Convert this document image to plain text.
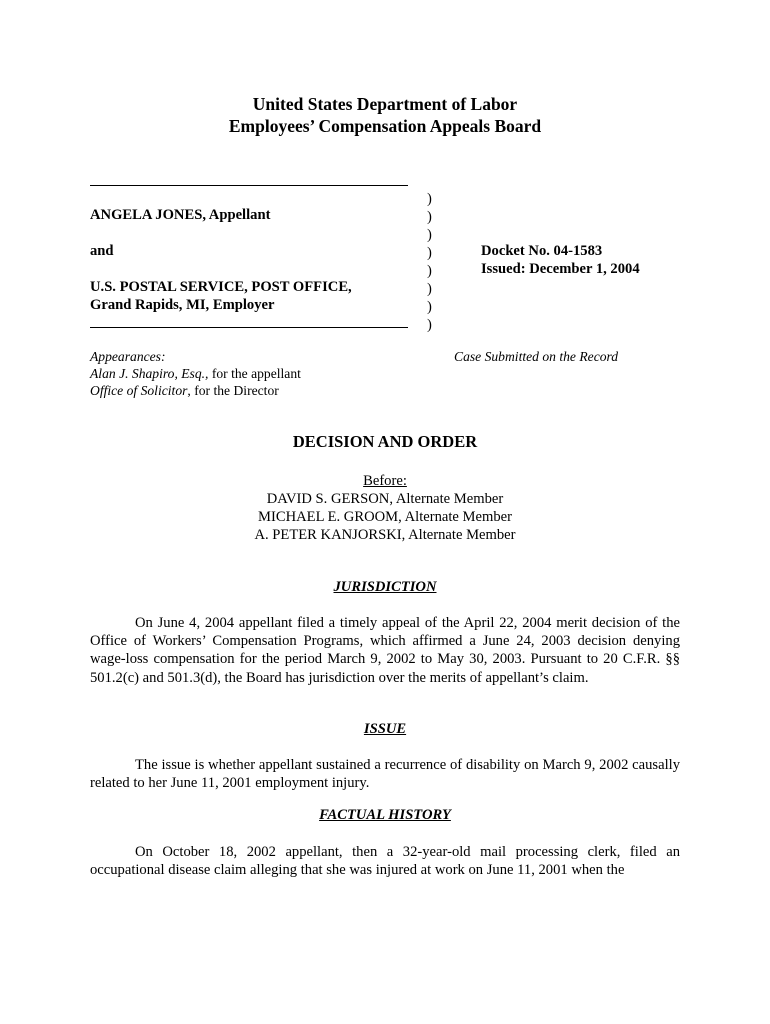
United States Department of Labor
Employees’ Compensation Appeals Board
ANGELA JONES, Appellant
and
U.S. POSTAL SERVICE, POST OFFICE,
Grand Rapids, MI, Employer
)
)
)
)
)
)
)
)
Docket No. 04-1583
Issued: December 1, 2004
Appearances:
Alan J. Shapiro, Esq., for the appellant
Office of Solicitor, for the Director
Case Submitted on the Record
DECISION AND ORDER
Before:
DAVID S. GERSON, Alternate Member
MICHAEL E. GROOM, Alternate Member
A. PETER KANJORSKI, Alternate Member
JURISDICTION
On June 4, 2004 appellant filed a timely appeal of the April 22, 2004 merit decision of the Office of Workers’ Compensation Programs, which affirmed a June 24, 2003 decision denying wage-loss compensation for the period March 9, 2002 to May 30, 2003. Pursuant to 20 C.F.R. §§ 501.2(c) and 501.3(d), the Board has jurisdiction over the merits of appellant’s claim.
ISSUE
The issue is whether appellant sustained a recurrence of disability on March 9, 2002 causally related to her June 11, 2001 employment injury.
FACTUAL HISTORY
On October 18, 2002 appellant, then a 32-year-old mail processing clerk, filed an occupational disease claim alleging that she was injured at work on June 11, 2001 when the
